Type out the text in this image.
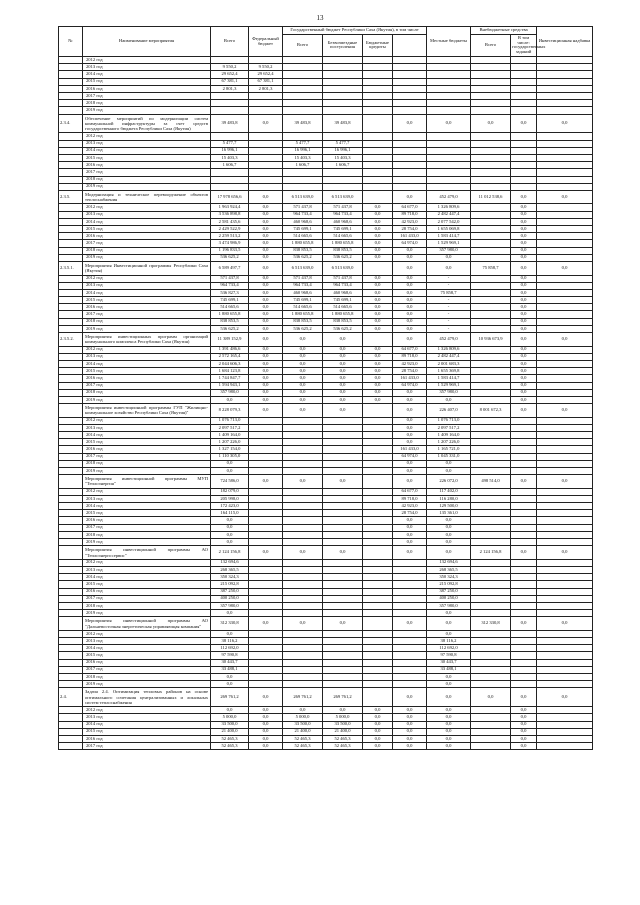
13
№	Наименование мероприятия	Всего	Федеральный бюджет	Государственный бюджет Республики Саха (Якутия), в том числе				Местные бюджеты	Внебюджетные средства		Инвестиционная надбавка
				Всего	Безвозмездные поступления	Бюджетные кредиты			Всего	В том числе: государственных заданий	

	2012 год										
	2013 год	9 550,2	9 550,2								
	2014 год	29 652,4	29 652,4								
	2015 год	67 381,1	67 381,1								
	2016 год	2 801,3	2 801,3								
	2017 год										
	2018 год										
	2019 год										
2.3.4.	Обеспечение мероприятий по модернизации систем коммунальной инфраструктуры за счет средств государственного бюджета Республики Саха (Якутия)	39 483,8	0,0	39 483,8	39 483,8		0,0	0,0	0,0	0,0	0,0
	2012 год										
	2013 год	5 477,7		5 477,7	5 477,7						
	2014 год	16 996,1		16 996,1	16 996,1						
	2015 год	15 403,3		15 403,3	15 403,3						
	2016 год	1 606,7		1 606,7	1 606,7						
	2017 год										
	2018 год										
	2019 год										
2.3.5.	Модернизация и техническое перевооружение объектов теплоснабжения	17 978 656,6	0,0	6 513 639,0	6 513 639,0		0,0	452 479,0	11 012 538,6	0,0	0,0
	2012 год	1 963 924,4	0,0	571 437,8	571 437,8	0,0	64 677,0	1 326 809,6		0,0	
	2013 год	3 536 898,8	0,0	964 733,4	964 733,4	0,0	89 718,0	2 482 447,4		0,0	
	2014 год	2 581 435,6	0,0	460 968,6	460 968,6	0,0	42 923,0	2 077 542,0		0,0	
	2015 год	2 429 522,9	0,0	745 699,1	745 699,1	0,0	28 754,0	1 655 069,8		0,0	
	2016 год	2 259 513,2	0,0	514 665,6	514 665,6	0,0	161 433,0	1 583 414,7		0,0	
	2017 год	3 474 986,9	0,0	1 880 655,8	1 880 655,8	0,0	64 974,0	1 529 969,1		0,0	
	2018 год	1 196 833,5	0,0	838 853,5	838 853,5	0,0	0,0	357 980,0		0,0	
	2019 год	536 625,2	0,0	536 625,2	536 625,2	0,0	0,0	0,0		0,0	
2.3.5.1.	Мероприятия Инвестиционной программы Республики Саха (Якутия)	6 589 497,7	0,0	6 513 639,0	6 513 639,0		0,0	0,0	75 858,7	0,0	0,0
	2012 год	571 437,8	0,0	571 437,8	571 437,8	0,0	0,0	-		0,0	
	2013 год	964 733,4	0,0	964 733,4	964 733,4	0,0	0,0	-		0,0	
	2014 год	536 827,3	0,0	460 968,6	460 968,6	0,0	0,0	75 858,7		0,0	
	2015 год	745 699,1	0,0	745 699,1	745 699,1	0,0	0,0	-		0,0	
	2016 год	514 665,6	0,0	514 665,6	514 665,6	0,0	0,0	-		0,0	
	2017 год	1 880 655,8	0,0	1 880 655,8	1 880 655,8	0,0	0,0	-		0,0	
	2018 год	838 853,5	0,0	838 853,5	838 853,5	0,0	0,0	-		0,0	
	2019 год	536 625,2	0,0	536 625,2	536 625,2	0,0	0,0	-		0,0	
2.3.5.2.	Мероприятия инвестиционных программ организаций коммунального комплекса Республики Саха (Якутия)	11 389 152,9	0,0	0,0	0,0		0,0	452 479,0	10 936 673,9	0,0	0,0
	2012 год	1 391 486,6	0,0	0,0	0,0	0,0	64 677,0	1 326 809,6		0,0	
	2013 год	2 572 165,4	0,0	0,0	0,0	0,0	89 718,0	2 482 447,4		0,0	
	2014 год	2 044 606,3	0,0	0,0	0,0	0,0	42 923,0	2 001 683,3		0,0	
	2015 год	1 684 123,8	0,0	0,0	0,0	0,0	28 754,0	1 655 369,8		0,0	
	2016 год	1 744 847,7	0,0	0,0	0,0	0,0	161 433,0	1 583 414,7		0,0	
	2017 год	1 594 943,1	0,0	0,0	0,0	0,0	64 974,0	1 529 969,1		0,0	
	2018 год	357 980,0	0,0	0,0	0,0	0,0	0,0	357 980,0		0,0	
	2019 год	0,0	0,0	0,0	0,0	0,0	0,0	0,0		0,0	
	Мероприятия инвестиционной программы ГУП "Жилищно-коммунальное хозяйство Республики Саха (Якутия)"	8 228 079,3	0,0	0,0	0,0		0,0	226 407,0	8 001 672,3	0,0	0,0
	2012 год	1 076 713,0					0,0	1 076 713,0			
	2013 год	2 097 517,2					0,0	2 097 517,2			
	2014 год	1 409 164,0					0,0	1 409 164,0			
	2015 год	1 207 226,0					0,0	1 207 226,0			
	2016 год	1 327 154,0					161 433,0	1 165 721,0			
	2017 год	1 110 305,0					64 974,0	1 045 331,0			
	2018 год	0,0					0,0	0,0			
	2019 год	0,0					0,0	0,0			
	Мероприятия инвестиционной программы МУП "Теплоэнергия"	724 586,0	0,0	0,0	0,0		0,0	226 072,0	498 514,0	0,0	0,0
	2012 год	182 079,0					64 677,0	117 402,0			
	2013 год	205 998,0					89 718,0	116 280,0			
	2014 год	172 423,0					42 923,0	129 500,0			
	2015 год	164 115,0					28 754,0	135 361,0			
	2016 год	0,0					0,0	0,0			
	2017 год	0,0					0,0	0,0			
	2018 год	0,0					0,0	0,0			
	2019 год	0,0					0,0	0,0			
	Мероприятия инвестиционной программы АО "Теплоэнергосервис"	2 124 156,8	0,0	0,0	0,0		0,0	0,0	2 124 156,8	0,0	0,0
	2012 год	132 694,6						132 694,6			
	2013 год	268 365,5						268 365,5			
	2014 год	350 324,3						350 324,3			
	2015 год	215 092,8						215 092,8			
	2016 год	387 250,0						387 250,0			
	2017 год	400 250,0						400 250,0			
	2018 год	357 980,0						357 980,0			
	2019 год	0,0						0,0			
	Мероприятия инвестиционной программы АО "Дальневосточная энергетическая управляющая компания"	312 330,8	0,0	0,0	0,0		0,0	0,0	312 330,8	0,0	0,0
	2012 год	0,0						0,0			
	2013 год	38 116,2						38 116,2			
	2014 год	112 692,0						112 692,0			
	2015 год	97 590,8						97 590,8			
	2016 год	30 443,7						30 443,7			
	2017 год	33 488,1						33 488,1			
	2018 год	0,0						0,0			
	2019 год	0,0						0,0			
2.4.	Задача 2.4. Оптимизация тепловых районов на основе оптимального сочетания централизованных и локальных систем теплоснабжения	269 761,2	0,0	269 761,2	269 761,2		0,0	0,0	0,0	0,0	0,0
	2012 год	0,0	0,0	0,0	0,0	0,0	0,0	0,0		0,0	
	2013 год	5 000,0	0,0	5 000,0	5 000,0	0,0	0,0	0,0		0,0	
	2014 год	33 500,0	0,0	33 500,0	33 500,0	0,0	0,0	0,0		0,0	
	2015 год	21 400,0	0,0	21 400,0	21 400,0	0,0	0,0	0,0		0,0	
	2016 год	52 465,3	0,0	52 465,3	52 465,3	0,0	0,0	0,0		0,0	
	2017 год	52 465,3	0,0	52 465,3	52 465,3	0,0	0,0	0,0		0,0	
